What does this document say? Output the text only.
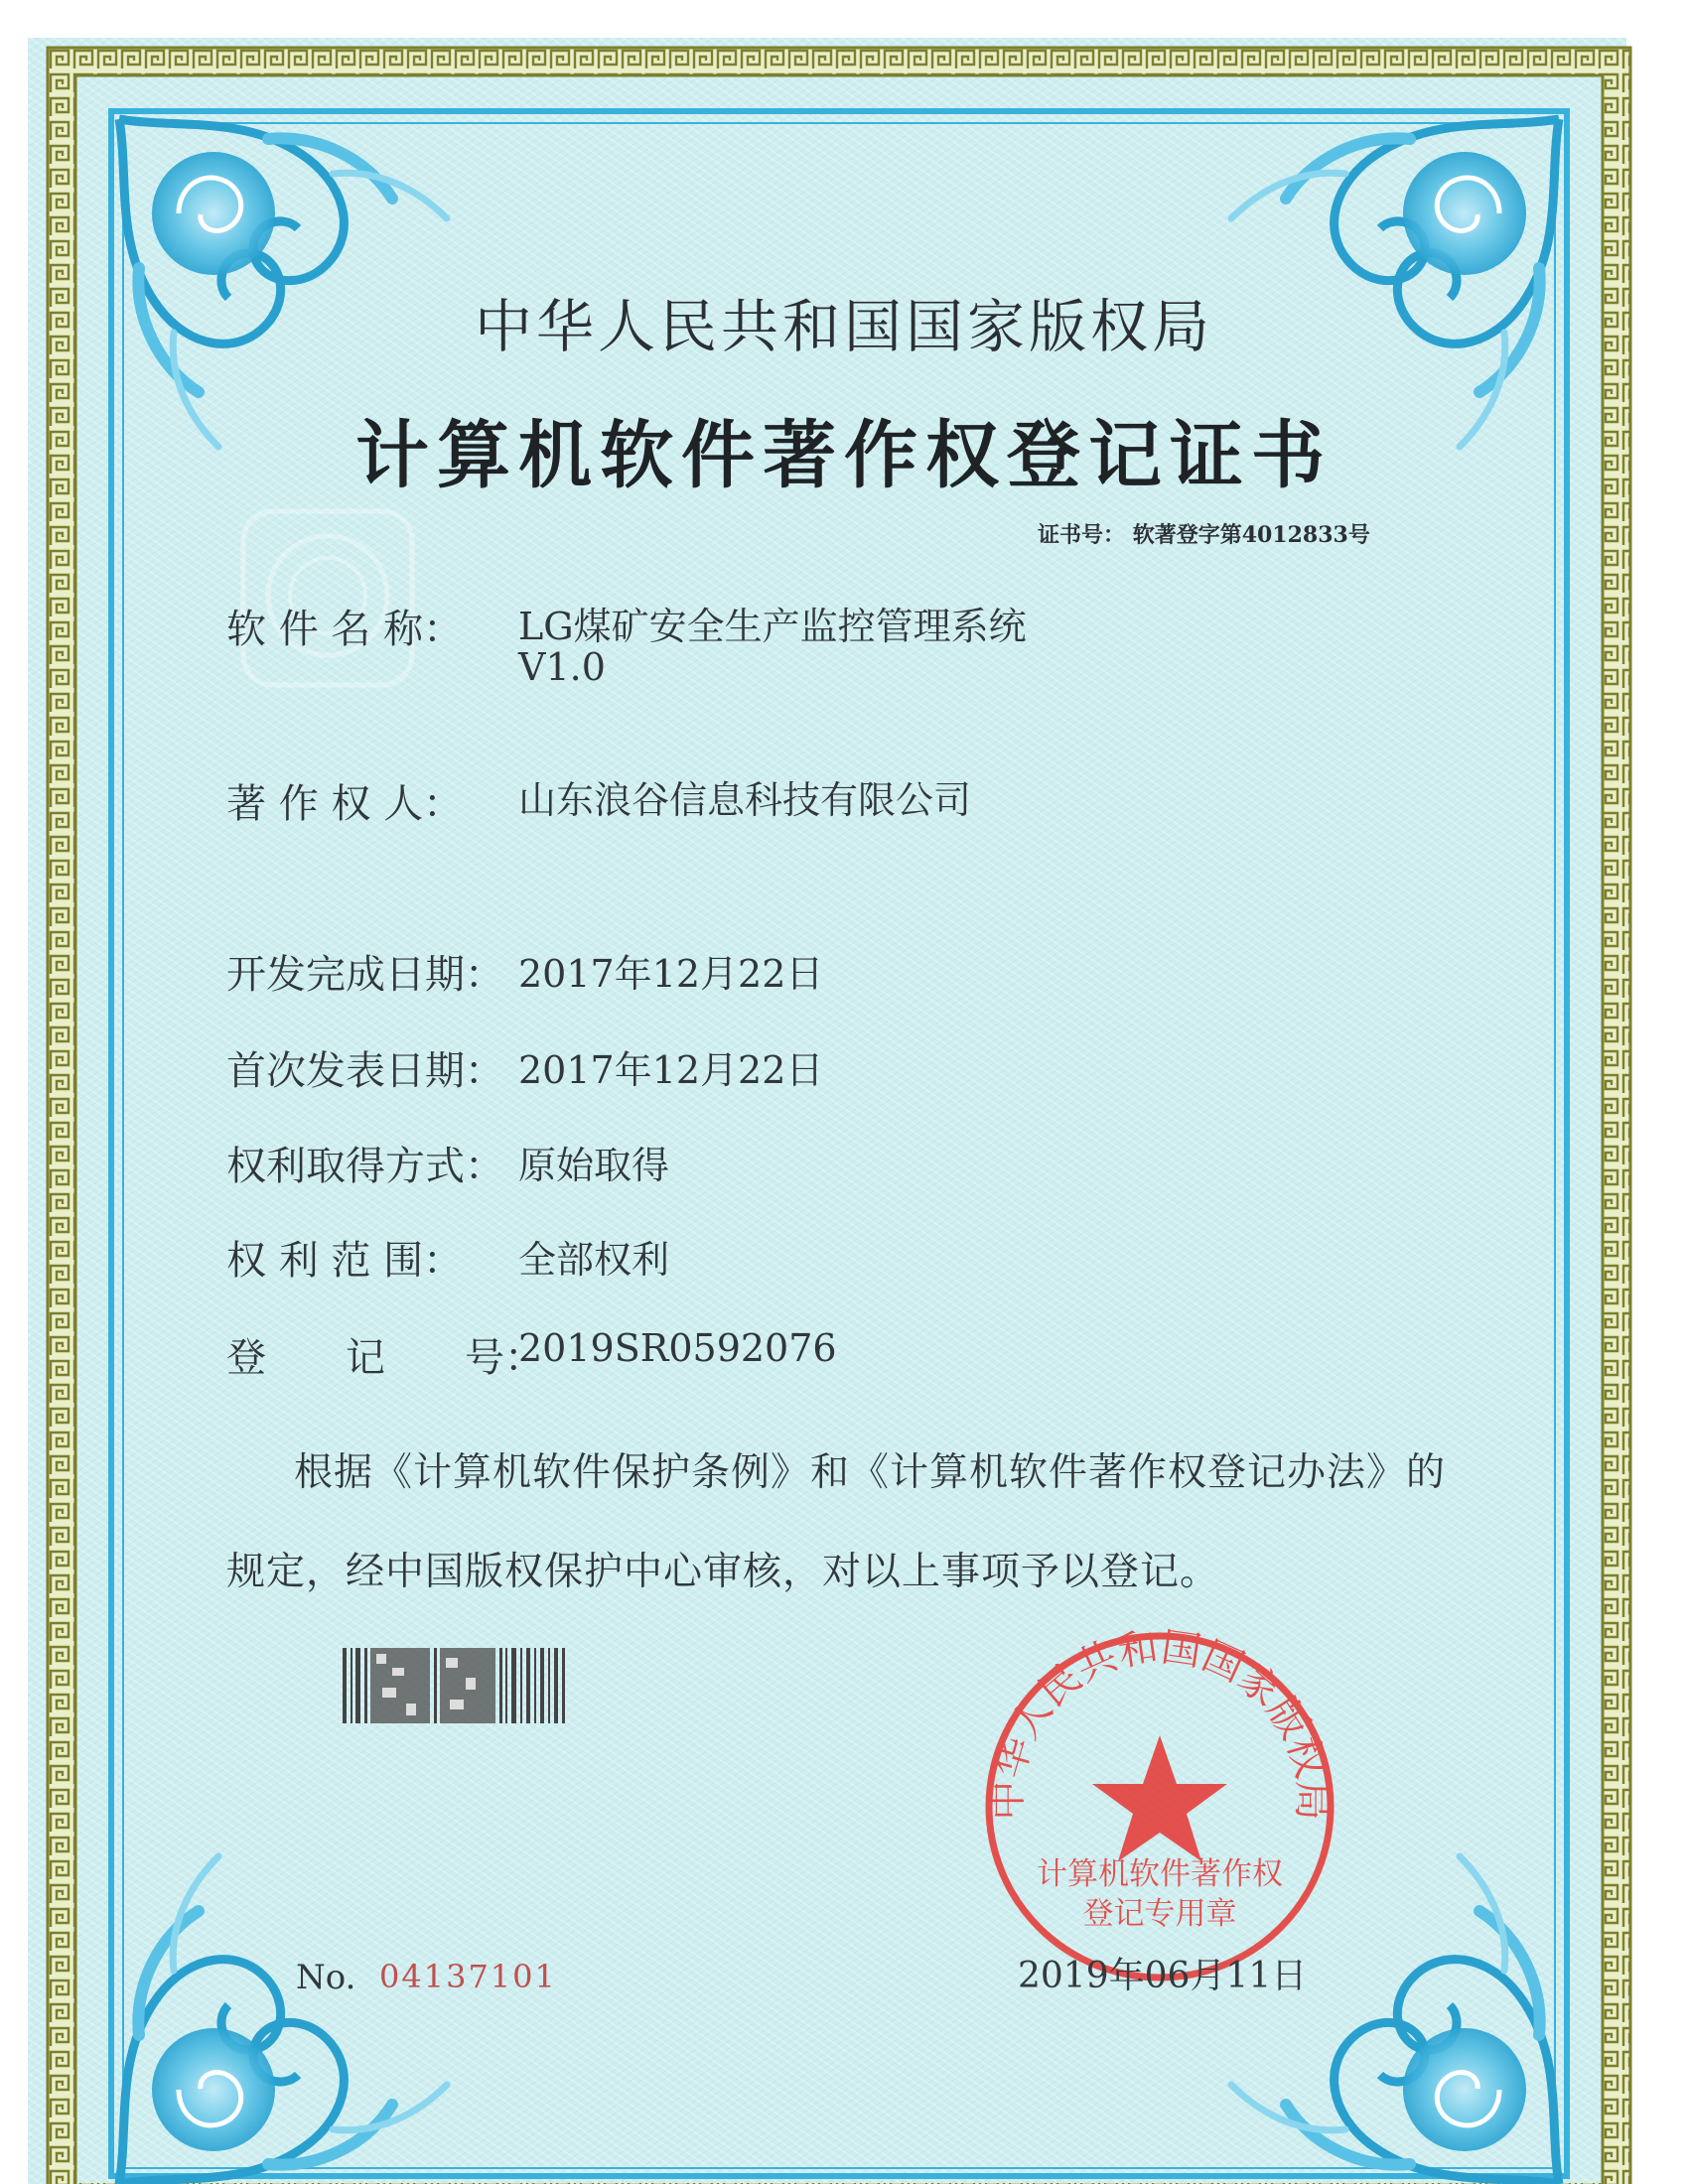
中华人民共和国国家版权局
计算机软件著作权
登记专用章
中华人民共和国国家版权局
计算机软件著作权登记证书
证书号： 软著登字第4012833号
软 件 名 称： LG煤矿安全生产监控管理系统
V1.0
著 作 权 人： 山东浪谷信息科技有限公司
开发完成日期： 2017年12月22日
首次发表日期： 2017年12月22日
权利取得方式： 原始取得
权 利 范 围： 全部权利
登　　记　　号：
2019SR0592076
根据《计算机软件保护条例》和《计算机软件著作权登记办法》的
规定，经中国版权保护中心审核，对以上事项予以登记。
No. 04137101	2019年06月11日
